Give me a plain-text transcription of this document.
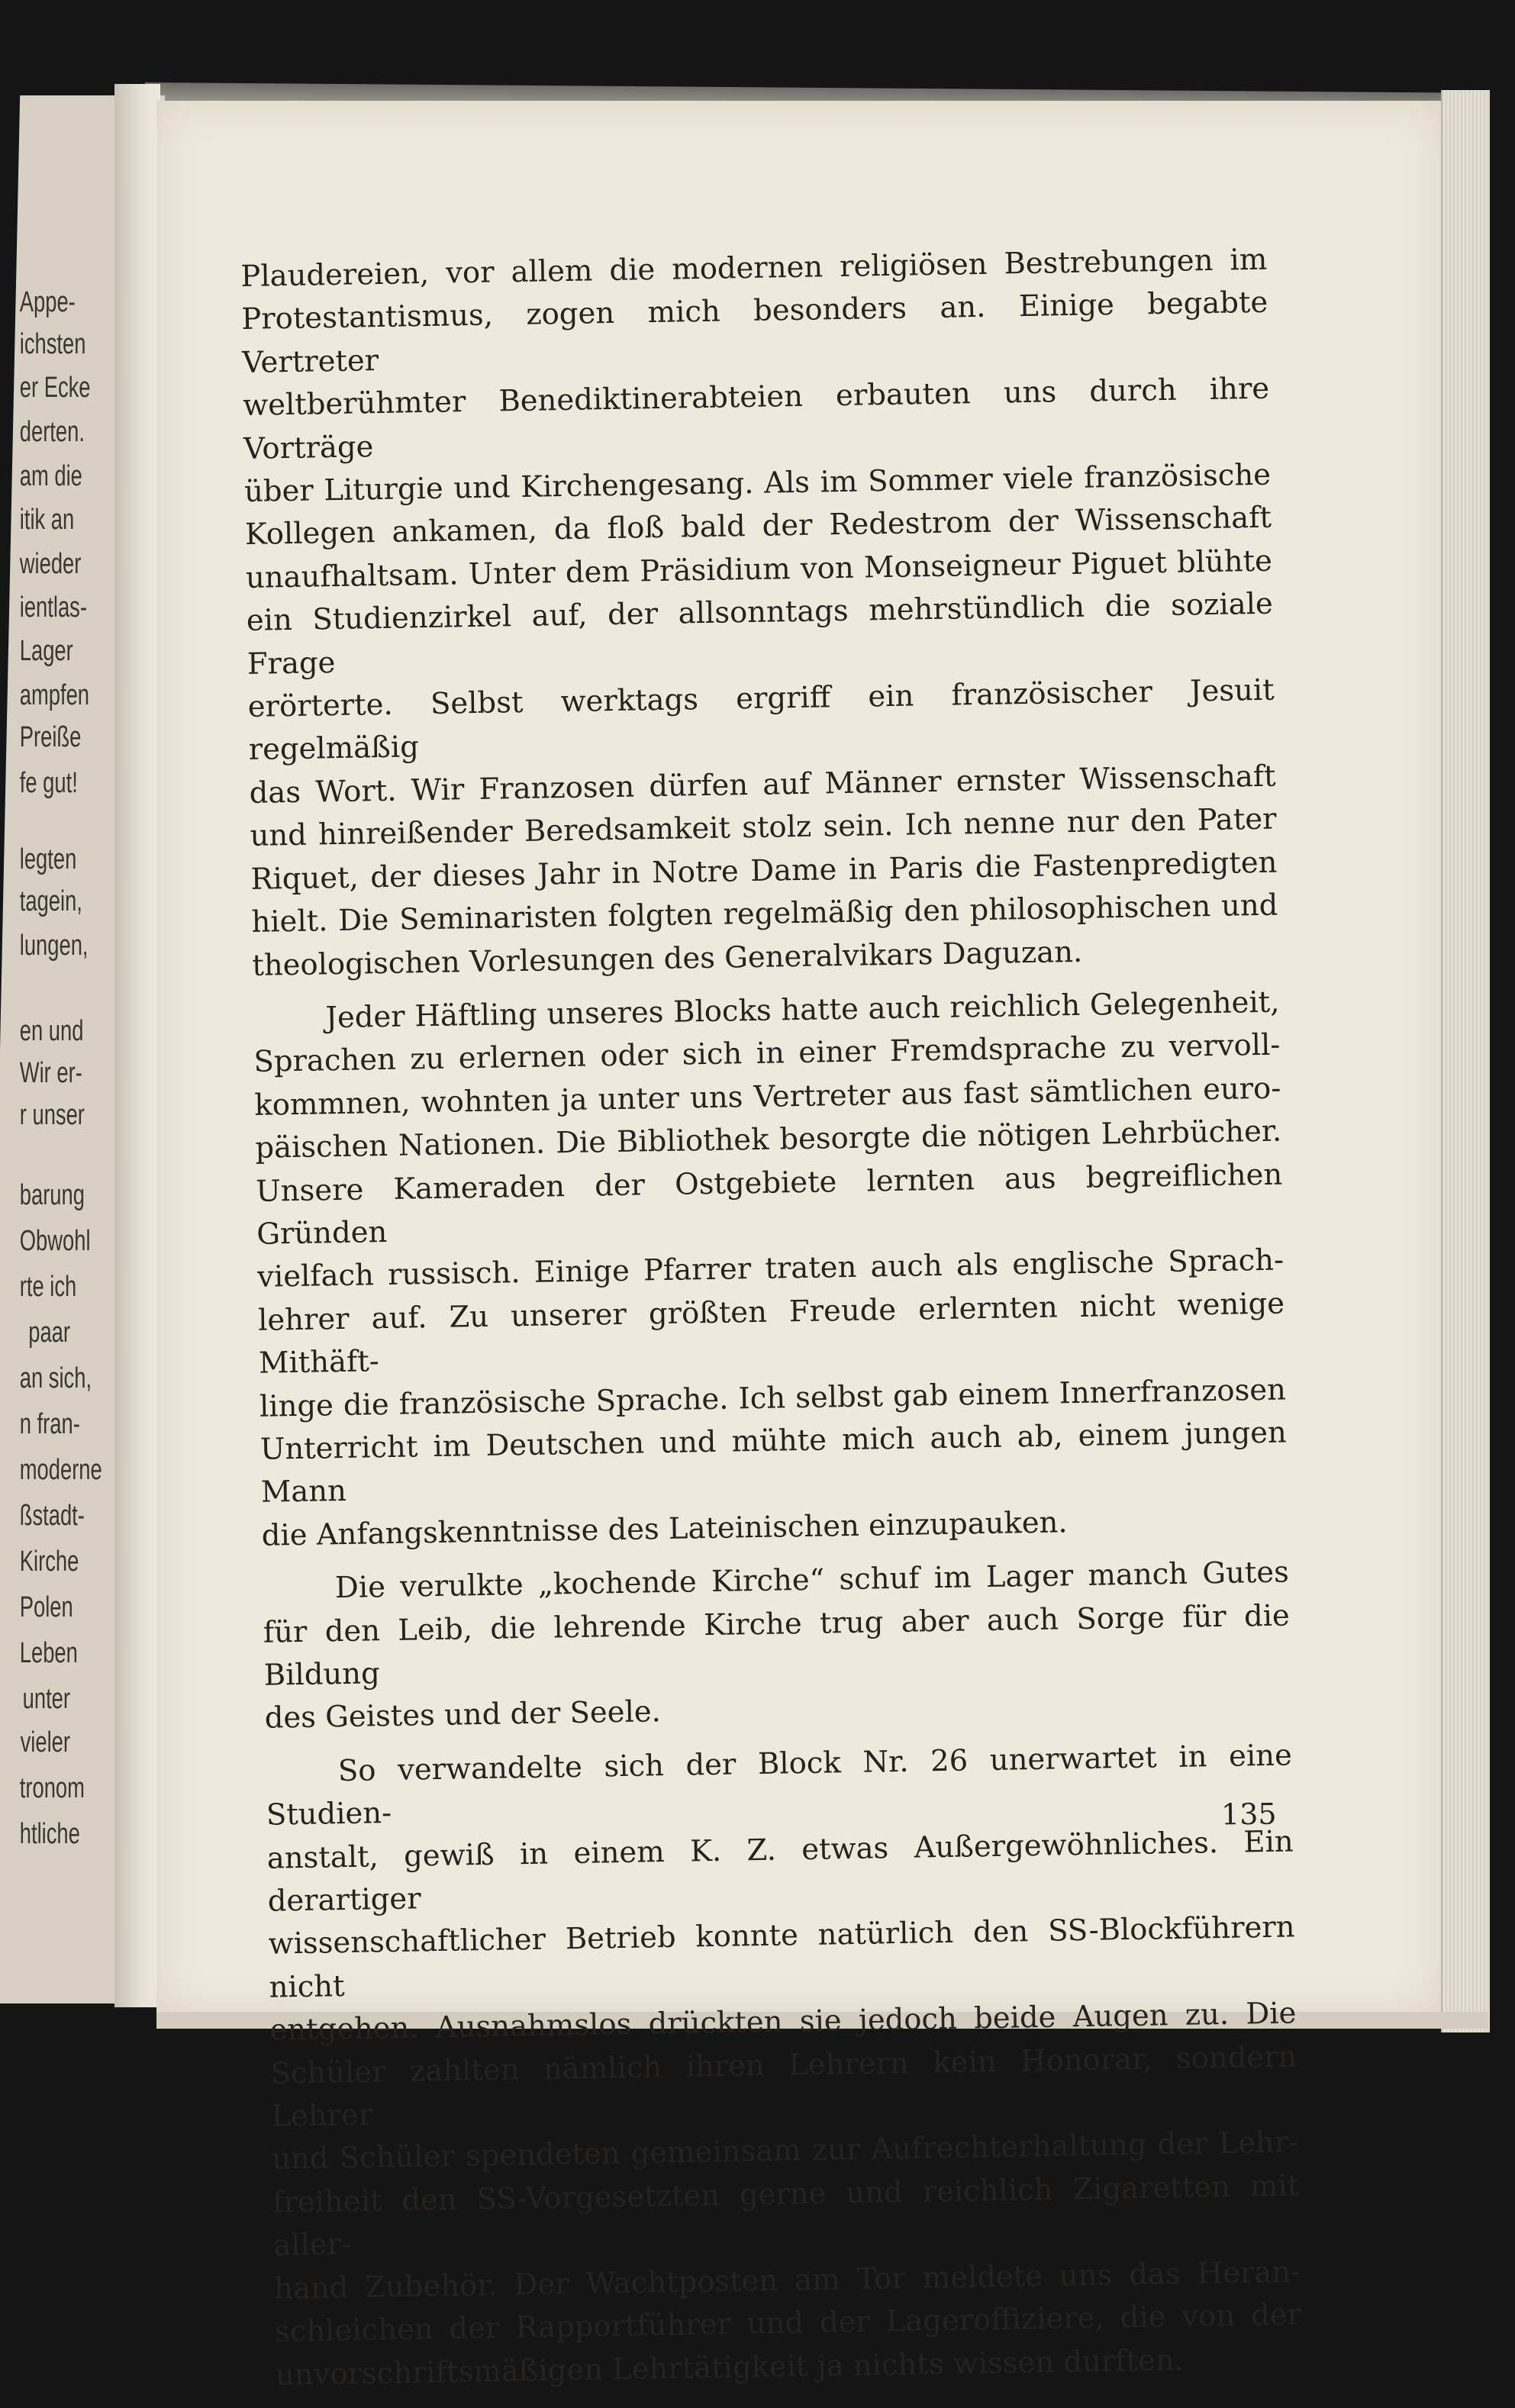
Appe-
ichsten
er Ecke
derten.
am die
itik an
wieder
ientlas-
Lager
ampfen
Preiße
fe gut!
legten
tagein,
lungen,
en und
Wir er-
r unser
barung
Obwohl
rte ich
paar
an sich,
n fran-
moderne
ßstadt-
Kirche
Polen
Leben
unter
vieler
tronom
htliche
Plaudereien, vor allem die modernen religiösen Bestrebungen im
Protestantismus, zogen mich besonders an. Einige begabte Vertreter
weltberühmter Benediktinerabteien erbauten uns durch ihre Vorträge
über Liturgie und Kirchengesang. Als im Sommer viele französische
Kollegen ankamen, da floß bald der Redestrom der Wissenschaft
unaufhaltsam. Unter dem Präsidium von Monseigneur Piguet blühte
ein Studienzirkel auf, der allsonntags mehrstündlich die soziale Frage
erörterte. Selbst werktags ergriff ein französischer Jesuit regelmäßig
das Wort. Wir Franzosen dürfen auf Männer ernster Wissenschaft
und hinreißender Beredsamkeit stolz sein. Ich nenne nur den Pater
Riquet, der dieses Jahr in Notre Dame in Paris die Fastenpredigten
hielt. Die Seminaristen folgten regelmäßig den philosophischen und
theologischen Vorlesungen des Generalvikars Daguzan.
Jeder Häftling unseres Blocks hatte auch reichlich Gelegenheit,
Sprachen zu erlernen oder sich in einer Fremdsprache zu vervoll-
kommnen, wohnten ja unter uns Vertreter aus fast sämtlichen euro-
päischen Nationen. Die Bibliothek besorgte die nötigen Lehrbücher.
Unsere Kameraden der Ostgebiete lernten aus begreiflichen Gründen
vielfach russisch. Einige Pfarrer traten auch als englische Sprach-
lehrer auf. Zu unserer größten Freude erlernten nicht wenige Mithäft-
linge die französische Sprache. Ich selbst gab einem Innerfranzosen
Unterricht im Deutschen und mühte mich auch ab, einem jungen Mann
die Anfangskenntnisse des Lateinischen einzupauken.
Die verulkte „kochende Kirche“ schuf im Lager manch Gutes
für den Leib, die lehrende Kirche trug aber auch Sorge für die Bildung
des Geistes und der Seele.
So verwandelte sich der Block Nr. 26 unerwartet in eine Studien-
anstalt, gewiß in einem K. Z. etwas Außergewöhnliches. Ein derartiger
wissenschaftlicher Betrieb konnte natürlich den SS-Blockführern nicht
entgehen. Ausnahmslos drückten sie jedoch beide Augen zu. Die
Schüler zahlten nämlich ihren Lehrern kein Honorar, sondern Lehrer
und Schüler spendeten gemeinsam zur Aufrechterhaltung der Lehr-
freiheit den SS-Vorgesetzten gerne und reichlich Zigaretten mit aller-
hand Zubehör. Der Wachtposten am Tor meldete uns das Heran-
schleichen der Rapportführer und der Lageroffiziere, die von der
unvorschriftsmäßigen Lehrtätigkeit ja nichts wissen durften.
135
